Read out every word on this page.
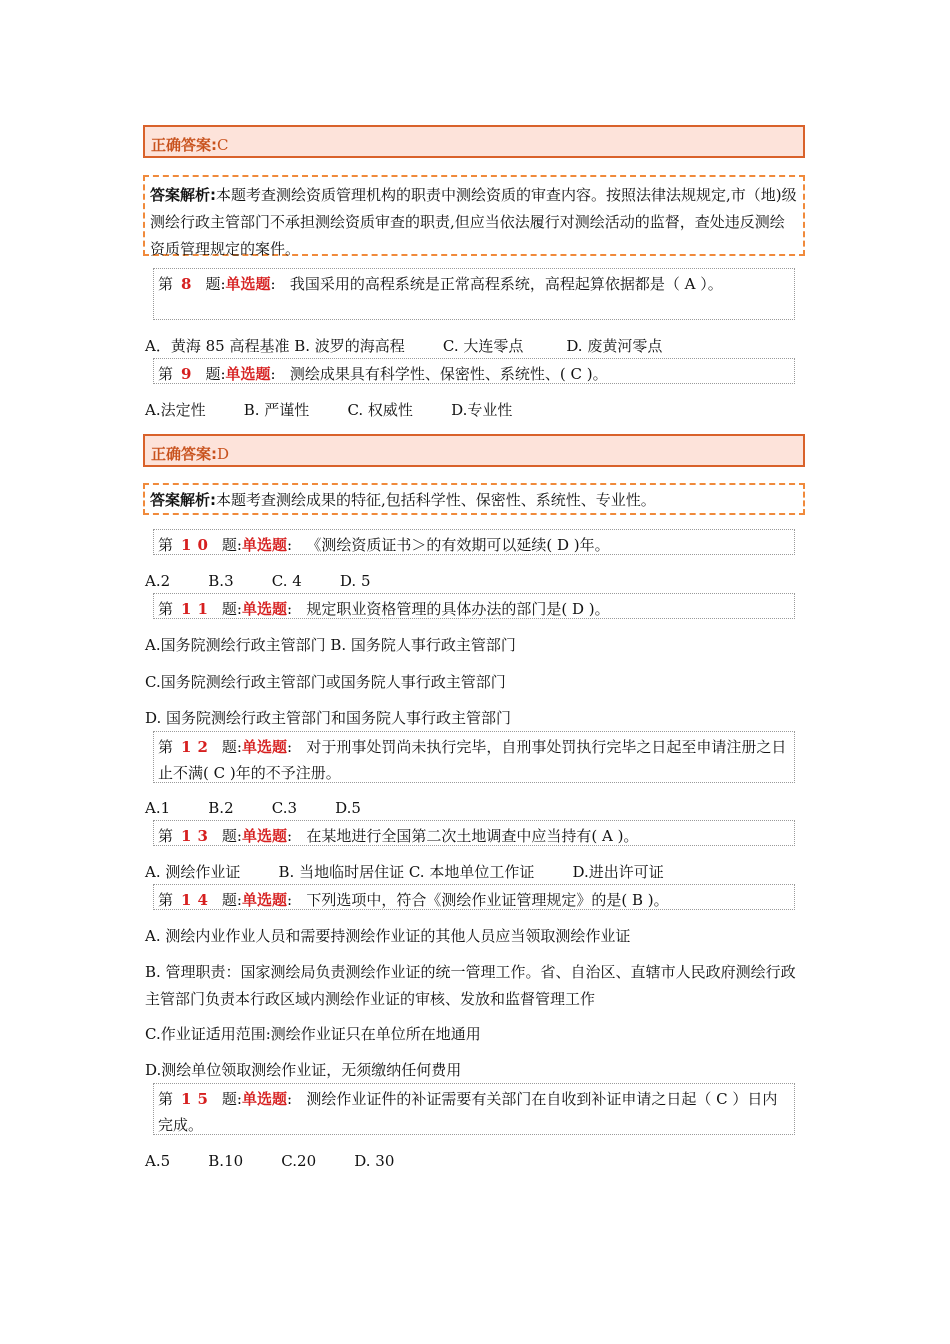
正确答案:C
答案解析:本题考查测绘资质管理机构的职责中测绘资质的审查内容。按照法律法规规定,市（地)级测绘行政主管部门不承担测绘资质审查的职责,但应当依法履行对测绘活动的监督，查处违反测绘资质管理规定的案件。
第 8 题:单选题: 我国采用的高程系统是正常高程系统，高程起算依据都是（ A ）。
A．黄海 85 高程基准 B. 波罗的海高程        C. 大连零点         D. 废黄河零点
第 9 题:单选题: 测绘成果具有科学性、保密性、系统性、( C )。
A.法定性        B. 严谨性        C. 权威性        D.专业性
正确答案:D
答案解析:本题考查测绘成果的特征,包括科学性、保密性、系统性、专业性。
第 10 题:单选题: 《测绘资质证书＞的有效期可以延续( D )年。
A.2        B.3        C. 4        D. 5
第 11 题:单选题: 规定职业资格管理的具体办法的部门是( D )。
A.国务院测绘行政主管部门 B. 国务院人事行政主管部门
C.国务院测绘行政主管部门或国务院人事行政主管部门
D. 国务院测绘行政主管部门和国务院人事行政主管部门
第 12 题:单选题: 对于刑事处罚尚未执行完毕，自刑事处罚执行完毕之日起至申请注册之日止不满( C )年的不予注册。
A.1        B.2        C.3        D.5
第 13 题:单选题: 在某地进行全国第二次土地调查中应当持有( A )。
A. 测绘作业证        B. 当地临时居住证 C. 本地单位工作证        D.进出许可证
第 14 题:单选题: 下列选项中，符合《测绘作业证管理规定》的是( B )。
A. 测绘内业作业人员和需要持测绘作业证的其他人员应当领取测绘作业证
B. 管理职责：国家测绘局负责测绘作业证的统一管理工作。省、自治区、直辖市人民政府测绘行政主管部门负责本行政区域内测绘作业证的审核、发放和监督管理工作
C.作业证适用范围:测绘作业证只在单位所在地通用
D.测绘单位领取测绘作业证，无须缴纳任何费用
第 15 题:单选题: 测绘作业证件的补证需要有关部门在自收到补证申请之日起（ C ）日内完成。
A.5        B.10        C.20        D. 30
